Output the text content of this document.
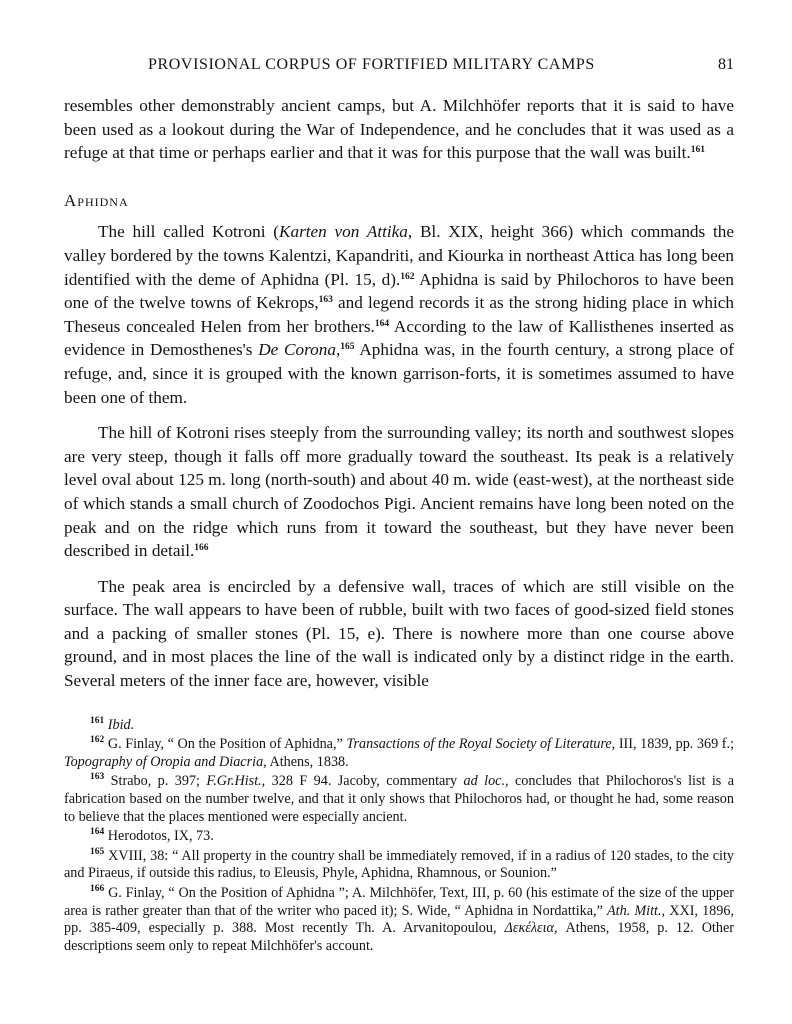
PROVISIONAL CORPUS OF FORTIFIED MILITARY CAMPS	81

resembles other demonstrably ancient camps, but A. Milchhöfer reports that it is said to have been used as a lookout during the War of Independence, and he concludes that it was used as a refuge at that time or perhaps earlier and that it was for this purpose that the wall was built.$^{161}$

Aphidna

The hill called Kotroni (Karten von Attika, Bl. XIX, height 366) which commands the valley bordered by the towns Kalentzi, Kapandriti, and Kiourka in northeast Attica has long been identified with the deme of Aphidna (Pl. 15, d).$^{162}$ Aphidna is said by Philochoros to have been one of the twelve towns of Kekrops,$^{163}$ and legend records it as the strong hiding place in which Theseus concealed Helen from her brothers.$^{164}$ According to the law of Kallisthenes inserted as evidence in Demosthenes's De Corona,$^{165}$ Aphidna was, in the fourth century, a strong place of refuge, and, since it is grouped with the known garrison-forts, it is sometimes assumed to have been one of them.

The hill of Kotroni rises steeply from the surrounding valley; its north and southwest slopes are very steep, though it falls off more gradually toward the southeast. Its peak is a relatively level oval about 125 m. long (north-south) and about 40 m. wide (east-west), at the northeast side of which stands a small church of Zoodochos Pigi. Ancient remains have long been noted on the peak and on the ridge which runs from it toward the southeast, but they have never been described in detail.$^{166}$

The peak area is encircled by a defensive wall, traces of which are still visible on the surface. The wall appears to have been of rubble, built with two faces of good-sized field stones and a packing of smaller stones (Pl. 15, e). There is nowhere more than one course above ground, and in most places the line of the wall is indicated only by a distinct ridge in the earth. Several meters of the inner face are, however, visible

$^{161}$ Ibid.

$^{162}$ G. Finlay, “ On the Position of Aphidna,” Transactions of the Royal Society of Literature, III, 1839, pp. 369 f.; Topography of Oropia and Diacria, Athens, 1838.

$^{163}$ Strabo, p. 397; F.Gr.Hist., 328 F 94. Jacoby, commentary ad loc., concludes that Philochoros's list is a fabrication based on the number twelve, and that it only shows that Philochoros had, or thought he had, some reason to believe that the places mentioned were especially ancient.

$^{164}$ Herodotos, IX, 73.

$^{165}$ XVIII, 38: “ All property in the country shall be immediately removed, if in a radius of 120 stades, to the city and Piraeus, if outside this radius, to Eleusis, Phyle, Aphidna, Rhamnous, or Sounion.”

$^{166}$ G. Finlay, “ On the Position of Aphidna ”; A. Milchhöfer, Text, III, p. 60 (his estimate of the size of the upper area is rather greater than that of the writer who paced it); S. Wide, “ Aphidna in Nordattika,” Ath. Mitt., XXI, 1896, pp. 385-409, especially p. 388. Most recently Th. A. Arvanitopoulou, Δεκέλεια, Athens, 1958, p. 12. Other descriptions seem only to repeat Milchhöfer's account.
